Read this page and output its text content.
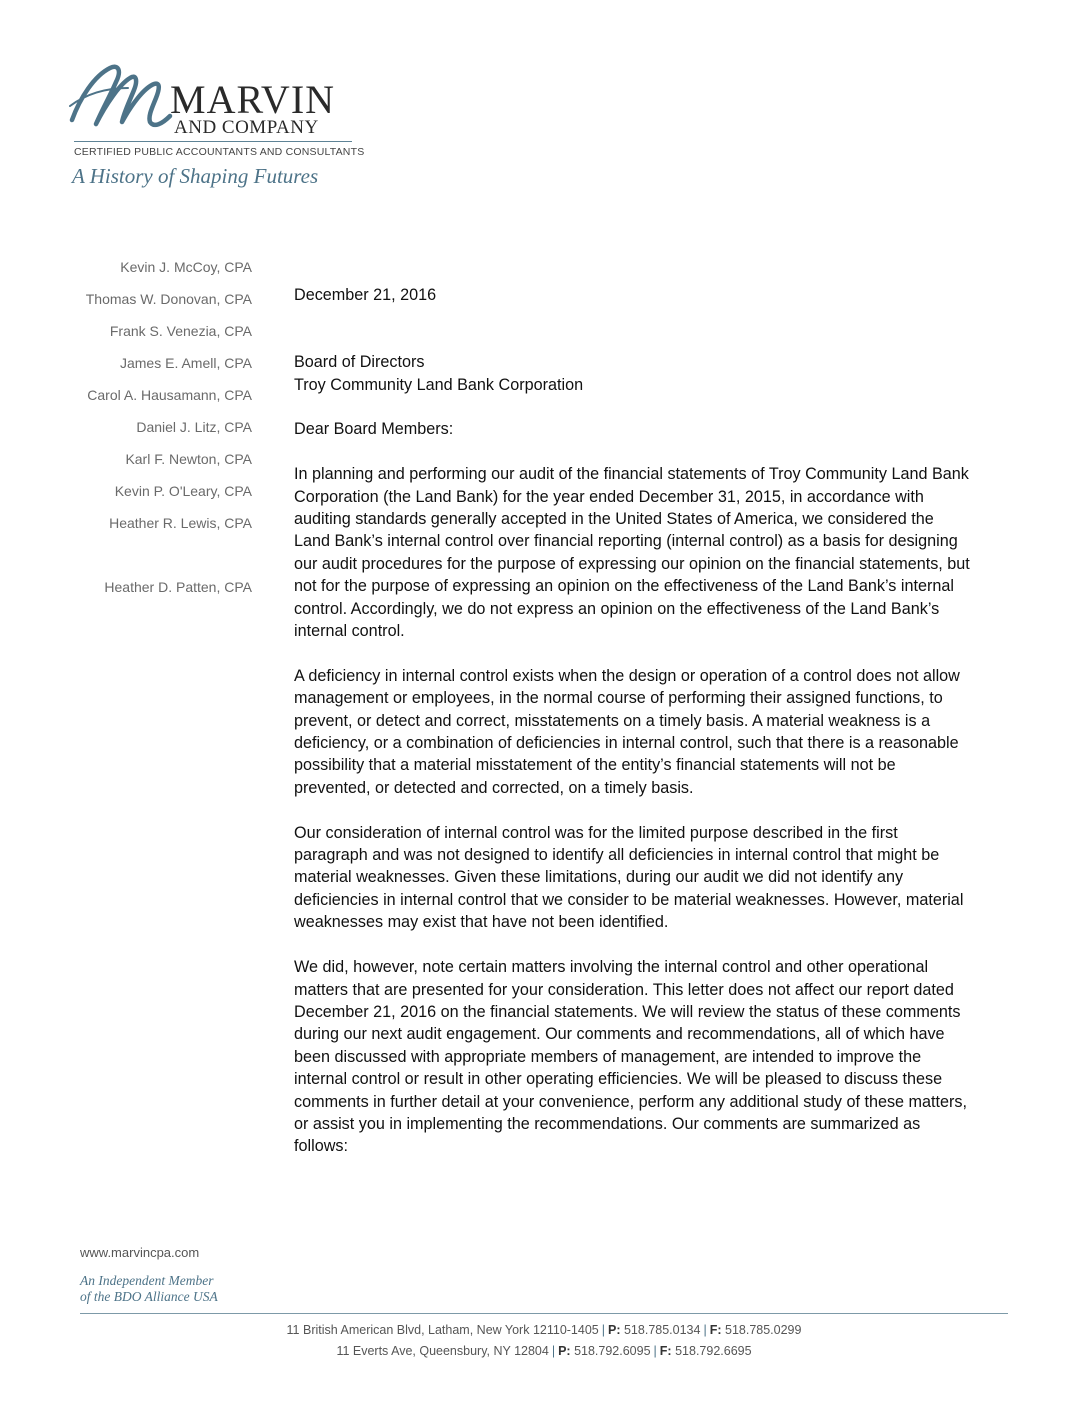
MARVIN
AND COMPANY
CERTIFIED PUBLIC ACCOUNTANTS AND CONSULTANTS
A History of Shaping Futures
Kevin J. McCoy, CPA
Thomas W. Donovan, CPA
Frank S. Venezia, CPA
James E. Amell, CPA
Carol A. Hausamann, CPA
Daniel J. Litz, CPA
Karl F. Newton, CPA
Kevin P. O'Leary, CPA
Heather R. Lewis, CPA
Heather D. Patten, CPA

December 21, 2016

Board of Directors

Troy Community Land Bank Corporation

Dear Board Members:

In planning and performing our audit of the financial statements of Troy Community Land Bank Corporation (the Land Bank) for the year ended December 31, 2015, in accordance with auditing standards generally accepted in the United States of America, we considered the Land Bank’s internal control over financial reporting (internal control) as a basis for designing our audit procedures for the purpose of expressing our opinion on the financial statements, but not for the purpose of expressing an opinion on the effectiveness of the Land Bank’s internal control. Accordingly, we do not express an opinion on the effectiveness of the Land Bank’s internal control.

A deficiency in internal control exists when the design or operation of a control does not allow management or employees, in the normal course of performing their assigned functions, to prevent, or detect and correct, misstatements on a timely basis. A material weakness is a deficiency, or a combination of deficiencies in internal control, such that there is a reasonable possibility that a material misstatement of the entity’s financial statements will not be prevented, or detected and corrected, on a timely basis.

Our consideration of internal control was for the limited purpose described in the first paragraph and was not designed to identify all deficiencies in internal control that might be material weaknesses. Given these limitations, during our audit we did not identify any deficiencies in internal control that we consider to be material weaknesses. However, material weaknesses may exist that have not been identified.

We did, however, note certain matters involving the internal control and other operational matters that are presented for your consideration. This letter does not affect our report dated December 21, 2016 on the financial statements. We will review the status of these comments during our next audit engagement. Our comments and recommendations, all of which have been discussed with appropriate members of management, are intended to improve the internal control or result in other operating efficiencies. We will be pleased to discuss these comments in further detail at your convenience, perform any additional study of these matters, or assist you in implementing the recommendations. Our comments are summarized as follows:

www.marvincpa.com
An Independent Member
of the BDO Alliance USA
11 British American Blvd, Latham, New York 12110-1405 | P: 518.785.0134 | F: 518.785.0299
11 Everts Ave, Queensbury, NY 12804 | P: 518.792.6095 | F: 518.792.6695
